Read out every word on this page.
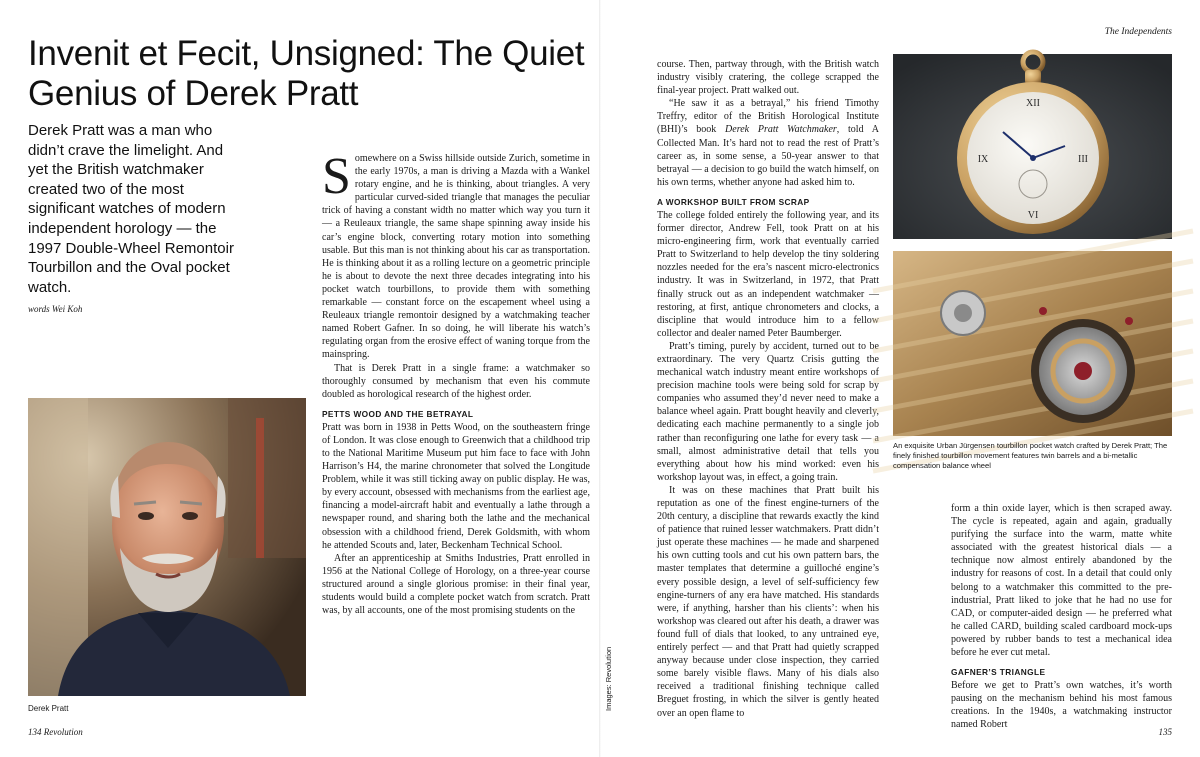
The Independents
Invenit et Fecit, Unsigned: The Quiet Genius of Derek Pratt

Derek Pratt was a man who didn’t crave the limelight. And yet the British watchmaker created two of the most significant watches of modern independent horology — the 1997 Double-Wheel Remontoir Tourbillon and the Oval pocket watch.

words Wei Koh
Derek Pratt

Somewhere on a Swiss hillside outside Zurich, sometime in the early 1970s, a man is driving a Mazda with a Wankel rotary engine, and he is thinking, about triangles. A very particular curved-sided triangle that manages the peculiar trick of having a constant width no matter which way you turn it — a Reuleaux triangle, the same shape spinning away inside his car’s engine block, converting rotary motion into something usable. But this man is not thinking about his car as transportation. He is thinking about it as a rolling lecture on a geometric principle he is about to devote the next three decades integrating into his pocket watch tourbillons, to provide them with something remarkable — constant force on the escapement wheel using a Reuleaux triangle remontoir designed by a watchmaking teacher named Robert Gafner. In so doing, he will liberate his watch’s regulating organ from the erosive effect of waning torque from the mainspring.

That is Derek Pratt in a single frame: a watchmaker so thoroughly consumed by mechanism that even his commute doubled as horological research of the highest order.

PETTS WOOD AND THE BETRAYAL

Pratt was born in 1938 in Petts Wood, on the southeastern fringe of London. It was close enough to Greenwich that a childhood trip to the National Maritime Museum put him face to face with John Harrison’s H4, the marine chronometer that solved the Longitude Problem, while it was still ticking away on public display. He was, by every account, obsessed with mechanisms from the earliest age, financing a model-aircraft habit and eventually a lathe through a newspaper round, and sharing both the lathe and the mechanical obsession with a childhood friend, Derek Goldsmith, with whom he attended Scouts and, later, Beckenham Technical School.

After an apprenticeship at Smiths Industries, Pratt enrolled in 1956 at the National College of Horology, on a three-year course structured around a single glorious promise: in their final year, students would build a complete pocket watch from scratch. Pratt was, by all accounts, one of the most promising students on the

134 Revolution

course. Then, partway through, with the British watch industry visibly cratering, the college scrapped the final-year project. Pratt walked out.

“He saw it as a betrayal,” his friend Timothy Treffry, editor of the British Horological Institute (BHI)’s book Derek Pratt Watchmaker, told A Collected Man. It’s hard not to read the rest of Pratt’s career as, in some sense, a 50-year answer to that betrayal — a decision to go build the watch himself, on his own terms, whether anyone had asked him to.

A WORKSHOP BUILT FROM SCRAP

The college folded entirely the following year, and its former director, Andrew Fell, took Pratt on at his micro-engineering firm, work that eventually carried Pratt to Switzerland to help develop the tiny soldering nozzles needed for the era’s nascent micro-electronics industry. It was in Switzerland, in 1972, that Pratt finally struck out as an independent watchmaker — restoring, at first, antique chronometers and clocks, a discipline that would introduce him to a fellow collector and dealer named Peter Baumberger.

Pratt’s timing, purely by accident, turned out to be extraordinary. The very Quartz Crisis gutting the mechanical watch industry meant entire workshops of precision machine tools were being sold for scrap by companies who assumed they’d never need to make a balance wheel again. Pratt bought heavily and cleverly, dedicating each machine permanently to a single job rather than reconfiguring one lathe for every task — a small, almost administrative detail that tells you everything about how his mind worked: even his workshop layout was, in effect, a going train.

It was on these machines that Pratt built his reputation as one of the finest engine-turners of the 20th century, a discipline that rewards exactly the kind of patience that ruined lesser watchmakers. Pratt didn’t just operate these machines — he made and sharpened his own cutting tools and cut his own pattern bars, the master templates that determine a guilloché engine’s every possible design, a level of self-sufficiency few engine-turners of any era have matched. His standards were, if anything, harsher than his clients’: when his workshop was cleared out after his death, a drawer was found full of dials that looked, to any untrained eye, entirely perfect — and that Pratt had quietly scrapped anyway because under close inspection, they carried some barely visible flaws. Many of his dials also received a traditional finishing technique called Breguet frosting, in which the silver is gently heated over an open flame to

Images: Revolution
XII
III
VI
IX
An exquisite Urban Jürgensen tourbillon pocket watch crafted by Derek Pratt; The finely finished tourbillon movement features twin barrels and a bi-metallic compensation balance wheel

form a thin oxide layer, which is then scraped away. The cycle is repeated, again and again, gradually purifying the surface into the warm, matte white associated with the greatest historical dials — a technique now almost entirely abandoned by the industry for reasons of cost. In a detail that could only belong to a watchmaker this committed to the pre-industrial, Pratt liked to joke that he had no use for CAD, or computer-aided design — he preferred what he called CARD, building scaled cardboard mock-ups powered by rubber bands to test a mechanical idea before he ever cut metal.

GAFNER’S TRIANGLE

Before we get to Pratt’s own watches, it’s worth pausing on the mechanism behind his most famous creations. In the 1940s, a watchmaking instructor named Robert

135
